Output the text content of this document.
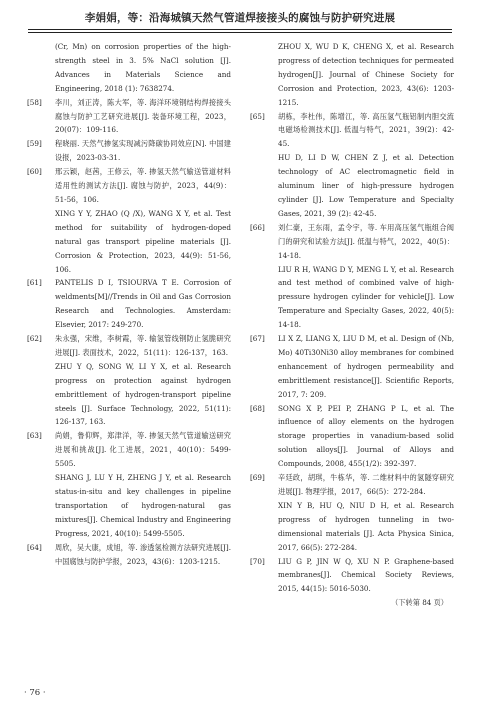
李娟娟，等：沿海城镇天然气管道焊接接头的腐蚀与防护研究进展
(Cr, Mn) on corrosion properties of the high-strength steel in 3. 5% NaCl solution [J]. Advances in Materials Science and Engineering, 2018 (1): 7638274.
[58]	李川，刘正涛，陈大军，等. 海洋环境钢结构焊接接头腐蚀与防护工艺研究进展[J]. 装备环境工程，2023，20(07)：109-116.
[59]	程晓丽. 天然气掺氢实现减污降碳协同效应[N]. 中国建设报，2023-03-31.
[60]	邢云颖，赵茜，王修云，等. 掺氢天然气输送管道材料适用性的测试方法[J]. 腐蚀与防护，2023，44(9)：51-56，106.
XING Y Y, ZHAO (Q /X), WANG X Y, et al. Test method for suitability of hydrogen-doped natural gas transport pipeline materials [J]. Corrosion & Protection, 2023, 44(9): 51-56, 106.
[61]	PANTELIS D I, TSIOURVA T E. Corrosion of weldments[M]//Trends in Oil and Gas Corrosion Research and Technologies. Amsterdam: Elsevier, 2017: 249-270.
[62]	朱永强，宋维，李树霞，等. 输氢管线钢防止氢脆研究进展[J]. 表面技术，2022，51(11)：126-137，163.
ZHU Y Q, SONG W, LI Y X, et al. Research progress on protection against hydrogen embrittlement of hydrogen-transport pipeline steels [J]. Surface Technology, 2022, 51(11): 126-137, 163.
[63]	尚娟，鲁仰辉，郑津洋，等. 掺氢天然气管道输送研究进展和挑战[J]. 化工进展，2021，40(10)：5499-5505.
SHANG J, LU Y H, ZHENG J Y, et al. Research status-in-situ and key challenges in pipeline transportation of hydrogen-natural gas mixtures[J]. Chemical Industry and Engineering Progress, 2021, 40(10): 5499-5505.
[64]	周欣，吴大康，成旭，等. 渗透氢检测方法研究进展[J]. 中国腐蚀与防护学报，2023，43(6)：1203-1215.
ZHOU X, WU D K, CHENG X, et al. Research progress of detection techniques for permeated hydrogen[J]. Journal of Chinese Society for Corrosion and Protection, 2023, 43(6): 1203-1215.
[65]	胡栋，李杜伟，陈增江，等. 高压氢气瓶铝制内胆交流电磁场检测技术[J]. 低温与特气，2021，39(2)：42-45.
HU D, LI D W, CHEN Z J, et al. Detection technology of AC electromagnetic field in aluminum liner of high-pressure hydrogen cylinder [J]. Low Temperature and Specialty Gases, 2021, 39 (2): 42-45.
[66]	刘仁豪，王东雨，孟令宇，等. 车用高压氢气瓶组合阀门的研究和试验方法[J]. 低温与特气，2022，40(5)：14-18.
LIU R H, WANG D Y, MENG L Y, et al. Research and test method of combined valve of high-pressure hydrogen cylinder for vehicle[J]. Low Temperature and Specialty Gases, 2022, 40(5): 14-18.
[67]	LI X Z, LIANG X, LIU D M, et al. Design of (Nb, Mo) 40Ti30Ni30 alloy membranes for combined enhancement of hydrogen permeability and embrittlement resistance[J]. Scientific Reports, 2017, 7: 209.
[68]	SONG X P, PEI P, ZHANG P L, et al. The influence of alloy elements on the hydrogen storage properties in vanadium-based solid solution alloys[J]. Journal of Alloys and Compounds, 2008, 455(1/2): 392-397.
[69]	辛廷政，胡琪，牛栋华，等. 二维材料中的氢隧穿研究进展[J]. 物理学报，2017，66(5)：272-284.
XIN Y B, HU Q, NIU D H, et al. Research progress of hydrogen tunneling in two-dimensional materials [J]. Acta Physica Sinica, 2017, 66(5): 272-284.
[70]	LIU G P, JIN W Q, XU N P. Graphene-based membranes[J]. Chemical Society Reviews, 2015, 44(15): 5016-5030.
（下转第 84 页）
· 76 ·
